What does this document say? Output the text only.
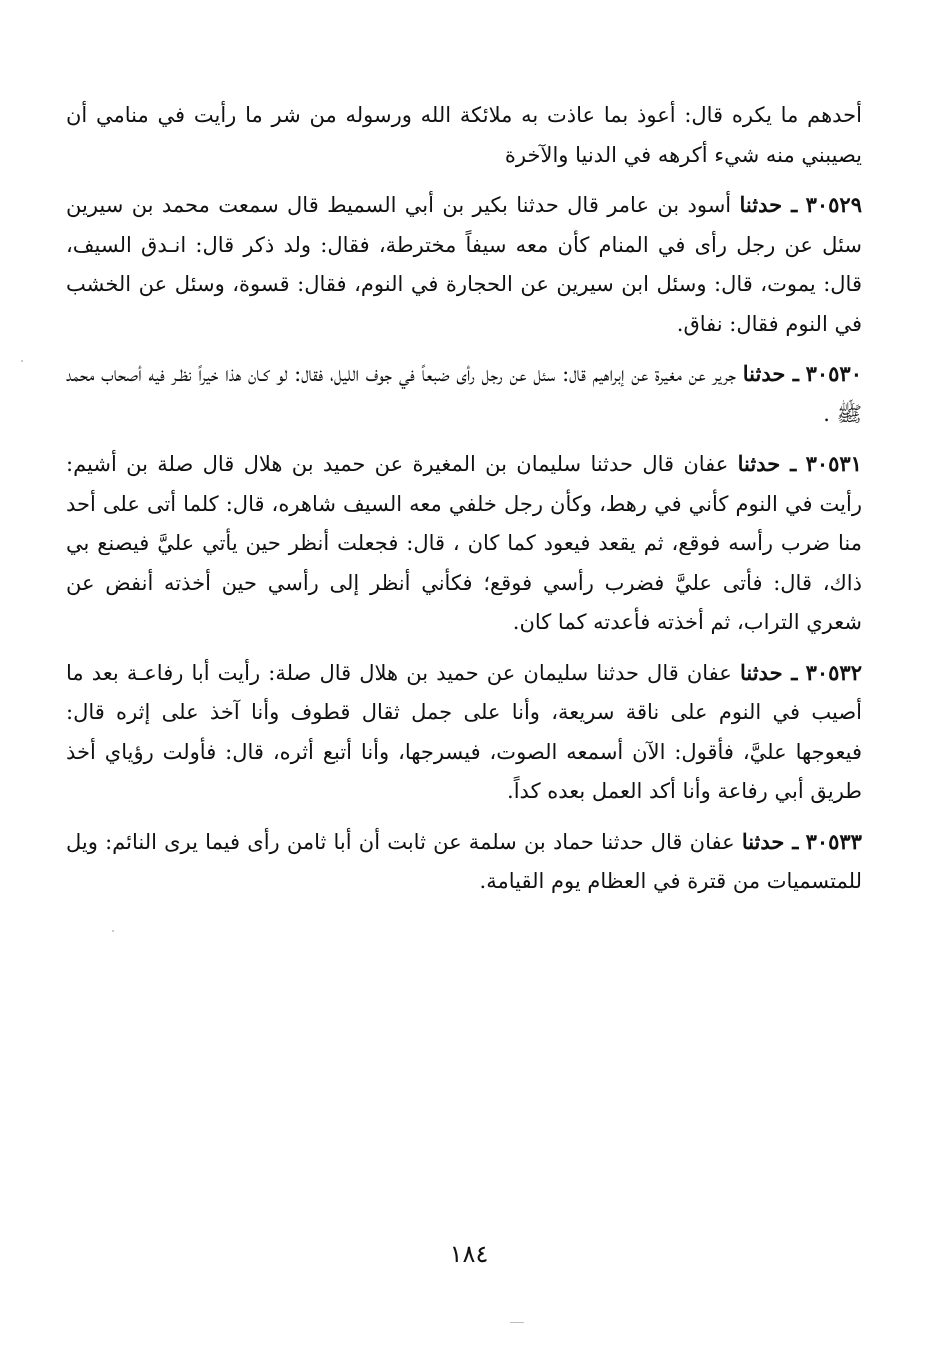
أحدهم ما يكره قال: أعوذ بما عاذت به ملائكة الله ورسوله من شر ما رأيت في منامي أن يصيبني منه شيء أكرهه في الدنيا والآخرة

٣٠٥٢٩ ـ حدثنا أسود بن عامر قال حدثنا بكير بن أبي السميط قال سمعت محمد بن سيرين سئل عن رجل رأى في المنام كأن معه سيفاً مخترطة، فقال: ولد ذكر قال: انـدق السيف، قال: يموت، قال: وسئل ابن سيرين عن الحجارة في النوم، فقال: قسوة، وسئل عن الخشب في النوم فقال: نفاق.

٣٠٥٣٠ ـ حدثنا جرير عن مغيرة عن إبراهيم قال: سئل عن رجل رأى ضبعاً في جوف الليل، فقال: لو كـان هذا خيراً نظـر فيه أصحاب محمد ﷺ .

٣٠٥٣١ ـ حدثنا عفان قال حدثنا سليمان بن المغيرة عن حميد بن هلال قال صلة بن أشيم: رأيت في النوم كأني في رهط، وكأن رجل خلفي معه السيف شاهره، قال: كلما أتى على أحد منا ضرب رأسه فوقع، ثم يقعد فيعود كما كان ، قال: فجعلت أنظر حين يأتي عليَّ فيصنع بي ذاك، قال: فأتى عليَّ فضرب رأسي فوقع؛ فكأني أنظر إلى رأسي حين أخذته أنفض عن شعري التراب، ثم أخذته فأعدته كما كان.

٣٠٥٣٢ ـ حدثنا عفان قال حدثنا سليمان عن حميد بن هلال قال صلة: رأيت أبا رفاعـة بعد ما أصيب في النوم على ناقة سريعة، وأنا على جمل ثقال قطوف وأنا آخذ على إثره قال: فيعوجها عليَّ، فأقول: الآن أسمعه الصوت، فيسرجها، وأنا أتبع أثره، قال: فأولت رؤياي أخذ طريق أبي رفاعة وأنا أكد العمل بعده كداً.

٣٠٥٣٣ ـ حدثنا عفان قال حدثنا حماد بن سلمة عن ثابت أن أبا ثامن رأى فيما يرى النائم: ويل للمتسميات من قترة في العظام يوم القيامة.

١٨٤
